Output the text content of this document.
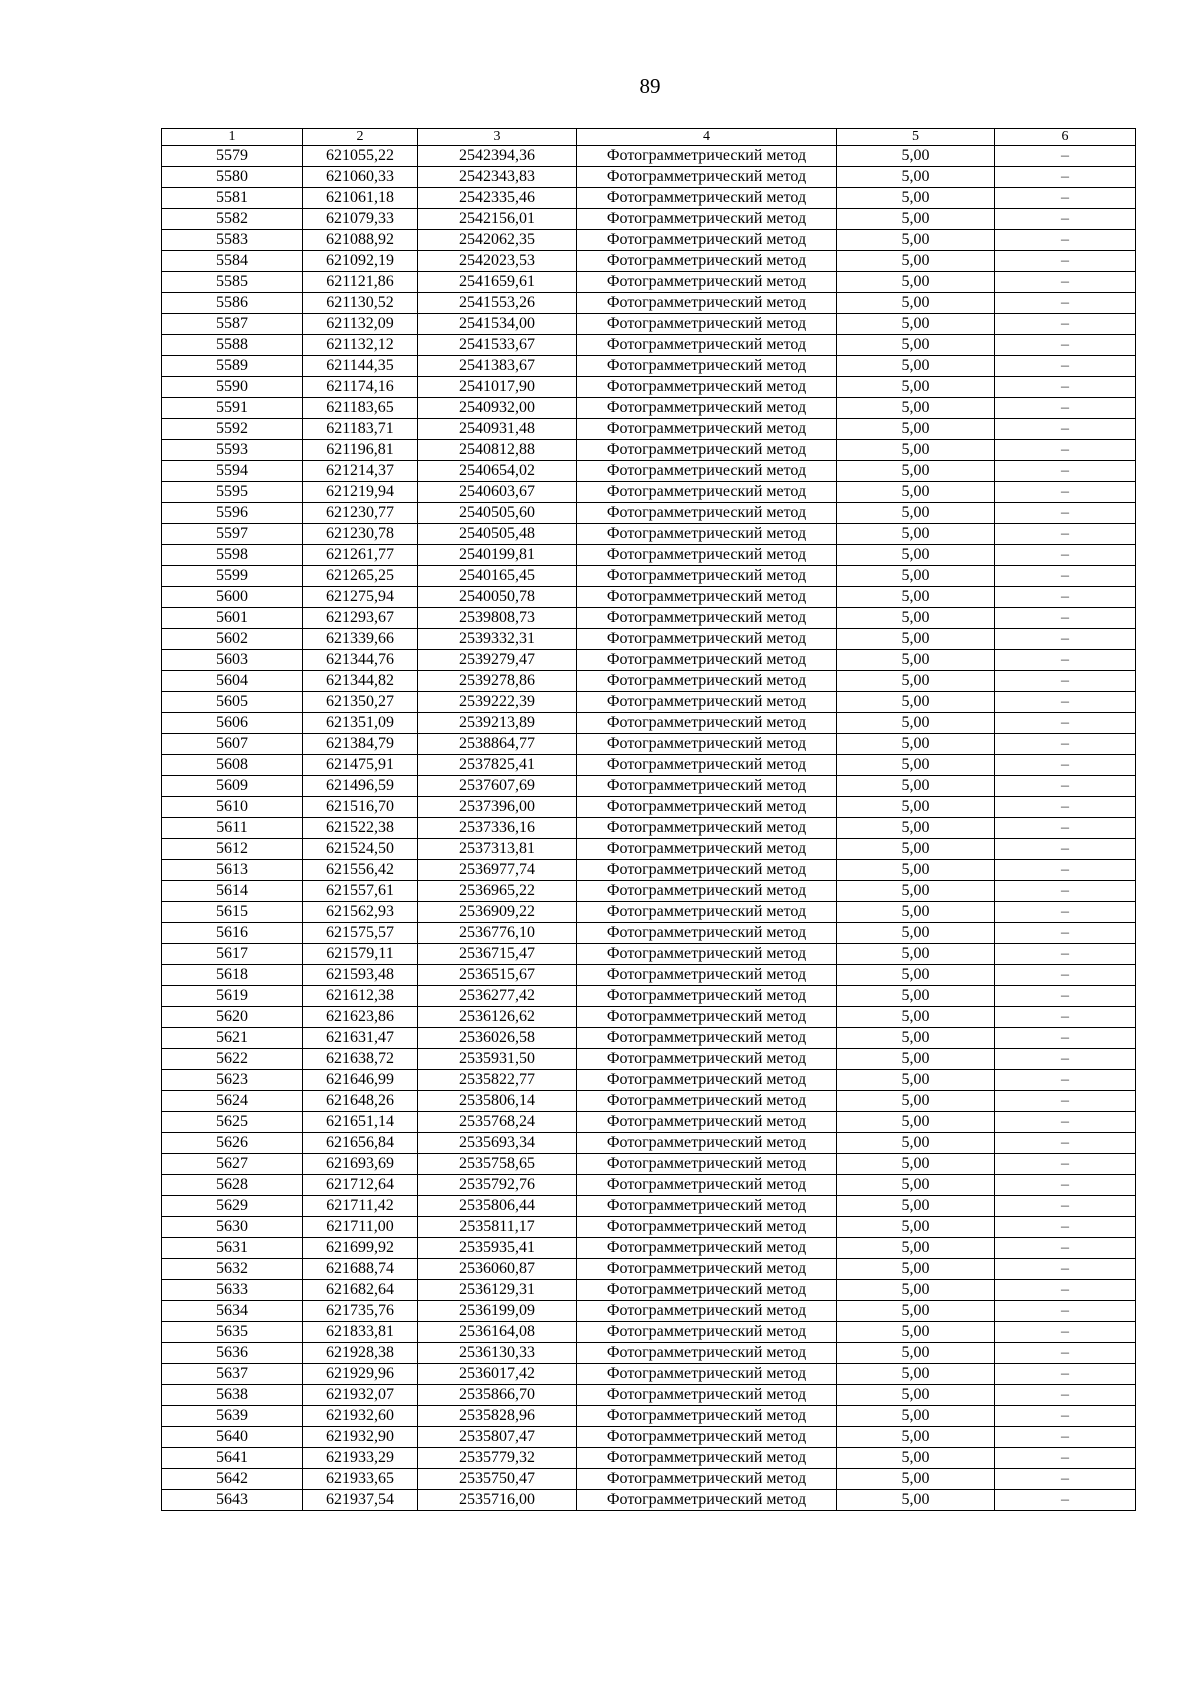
89
1	2	3	4	5	6
5579	621055,22	2542394,36	Фотограмметрический метод	5,00	–
5580	621060,33	2542343,83	Фотограмметрический метод	5,00	–
5581	621061,18	2542335,46	Фотограмметрический метод	5,00	–
5582	621079,33	2542156,01	Фотограмметрический метод	5,00	–
5583	621088,92	2542062,35	Фотограмметрический метод	5,00	–
5584	621092,19	2542023,53	Фотограмметрический метод	5,00	–
5585	621121,86	2541659,61	Фотограмметрический метод	5,00	–
5586	621130,52	2541553,26	Фотограмметрический метод	5,00	–
5587	621132,09	2541534,00	Фотограмметрический метод	5,00	–
5588	621132,12	2541533,67	Фотограмметрический метод	5,00	–
5589	621144,35	2541383,67	Фотограмметрический метод	5,00	–
5590	621174,16	2541017,90	Фотограмметрический метод	5,00	–
5591	621183,65	2540932,00	Фотограмметрический метод	5,00	–
5592	621183,71	2540931,48	Фотограмметрический метод	5,00	–
5593	621196,81	2540812,88	Фотограмметрический метод	5,00	–
5594	621214,37	2540654,02	Фотограмметрический метод	5,00	–
5595	621219,94	2540603,67	Фотограмметрический метод	5,00	–
5596	621230,77	2540505,60	Фотограмметрический метод	5,00	–
5597	621230,78	2540505,48	Фотограмметрический метод	5,00	–
5598	621261,77	2540199,81	Фотограмметрический метод	5,00	–
5599	621265,25	2540165,45	Фотограмметрический метод	5,00	–
5600	621275,94	2540050,78	Фотограмметрический метод	5,00	–
5601	621293,67	2539808,73	Фотограмметрический метод	5,00	–
5602	621339,66	2539332,31	Фотограмметрический метод	5,00	–
5603	621344,76	2539279,47	Фотограмметрический метод	5,00	–
5604	621344,82	2539278,86	Фотограмметрический метод	5,00	–
5605	621350,27	2539222,39	Фотограмметрический метод	5,00	–
5606	621351,09	2539213,89	Фотограмметрический метод	5,00	–
5607	621384,79	2538864,77	Фотограмметрический метод	5,00	–
5608	621475,91	2537825,41	Фотограмметрический метод	5,00	–
5609	621496,59	2537607,69	Фотограмметрический метод	5,00	–
5610	621516,70	2537396,00	Фотограмметрический метод	5,00	–
5611	621522,38	2537336,16	Фотограмметрический метод	5,00	–
5612	621524,50	2537313,81	Фотограмметрический метод	5,00	–
5613	621556,42	2536977,74	Фотограмметрический метод	5,00	–
5614	621557,61	2536965,22	Фотограмметрический метод	5,00	–
5615	621562,93	2536909,22	Фотограмметрический метод	5,00	–
5616	621575,57	2536776,10	Фотограмметрический метод	5,00	–
5617	621579,11	2536715,47	Фотограмметрический метод	5,00	–
5618	621593,48	2536515,67	Фотограмметрический метод	5,00	–
5619	621612,38	2536277,42	Фотограмметрический метод	5,00	–
5620	621623,86	2536126,62	Фотограмметрический метод	5,00	–
5621	621631,47	2536026,58	Фотограмметрический метод	5,00	–
5622	621638,72	2535931,50	Фотограмметрический метод	5,00	–
5623	621646,99	2535822,77	Фотограмметрический метод	5,00	–
5624	621648,26	2535806,14	Фотограмметрический метод	5,00	–
5625	621651,14	2535768,24	Фотограмметрический метод	5,00	–
5626	621656,84	2535693,34	Фотограмметрический метод	5,00	–
5627	621693,69	2535758,65	Фотограмметрический метод	5,00	–
5628	621712,64	2535792,76	Фотограмметрический метод	5,00	–
5629	621711,42	2535806,44	Фотограмметрический метод	5,00	–
5630	621711,00	2535811,17	Фотограмметрический метод	5,00	–
5631	621699,92	2535935,41	Фотограмметрический метод	5,00	–
5632	621688,74	2536060,87	Фотограмметрический метод	5,00	–
5633	621682,64	2536129,31	Фотограмметрический метод	5,00	–
5634	621735,76	2536199,09	Фотограмметрический метод	5,00	–
5635	621833,81	2536164,08	Фотограмметрический метод	5,00	–
5636	621928,38	2536130,33	Фотограмметрический метод	5,00	–
5637	621929,96	2536017,42	Фотограмметрический метод	5,00	–
5638	621932,07	2535866,70	Фотограмметрический метод	5,00	–
5639	621932,60	2535828,96	Фотограмметрический метод	5,00	–
5640	621932,90	2535807,47	Фотограмметрический метод	5,00	–
5641	621933,29	2535779,32	Фотограмметрический метод	5,00	–
5642	621933,65	2535750,47	Фотограмметрический метод	5,00	–
5643	621937,54	2535716,00	Фотограмметрический метод	5,00	–
